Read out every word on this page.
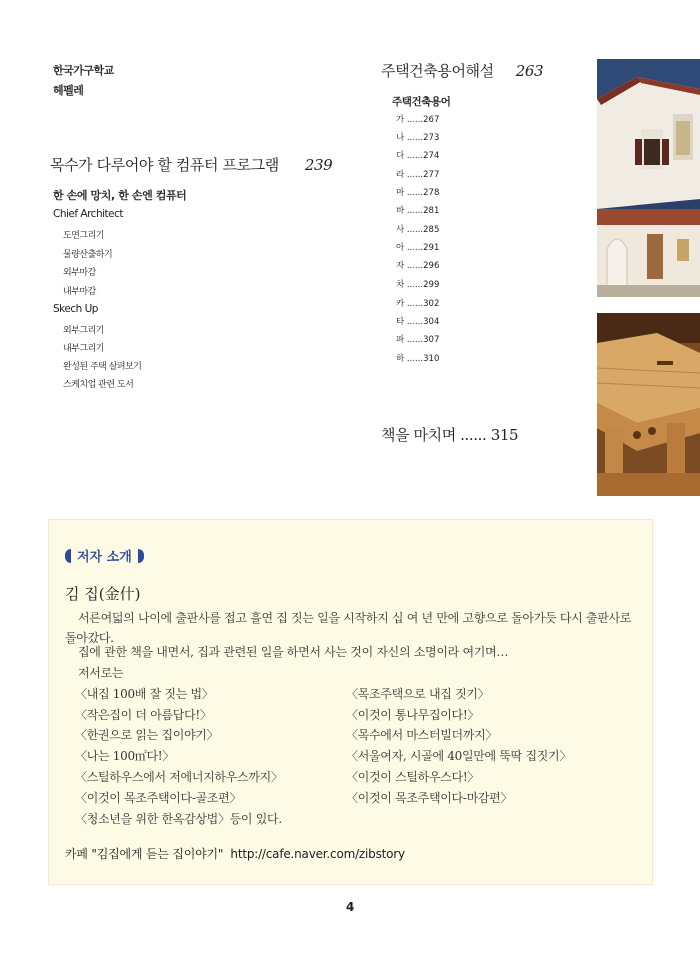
한국가구학교
헤펠레
목수가 다루어야 할 컴퓨터 프로그램 239
한 손에 망치, 한 손엔 컴퓨터
Chief Architect
도면그리기
물량산출하기
외부마감
내부마감
Skech Up
외부그리기
내부그리기
완성된 주택 살펴보기
스케치업 관련 도서
주택건축용어해설 263
주택건축용어
가 ......267
나 ......273
다 ......274
라 ......277
마 ......278
바 ......281
사 ......285
아 ......291
자 ......296
차 ......299
카 ......302
타 ......304
파 ......307
하 ......310
책을 마치며 ...... 315
저자 소개
김 집(金什)
서른여덟의 나이에 출판사를 접고 흘연 집 짓는 일을 시작하지 십 여 년 만에 고향으로 돌아가듯 다시 출판사로 돌아갔다.
집에 관한 책을 내면서, 집과 관련된 일을 하면서 사는 것이 자신의 소명이라 여기며…
저서로는
〈내집 100배 잘 짓는 법〉
〈작은집이 더 아름답다!〉
〈한권으로 읽는 집이야기〉
〈나는 100㎡다!〉
〈스틸하우스에서 저에너지하우스까지〉
〈이것이 목조주택이다-골조편〉
〈청소년을 위한 한옥감상법〉등이 있다.
〈목조주택으로 내집 짓기〉
〈이것이 통나무집이다!〉
〈목수에서 마스터빌더까지〉
〈서울여자, 시골에 40일만에 뚝딱 집짓기〉
〈이것이 스틸하우스다!〉
〈이것이 목조주택이다-마감편〉
카페 "김집에게 듣는 집이야기"  http://cafe.naver.com/zibstory
4
